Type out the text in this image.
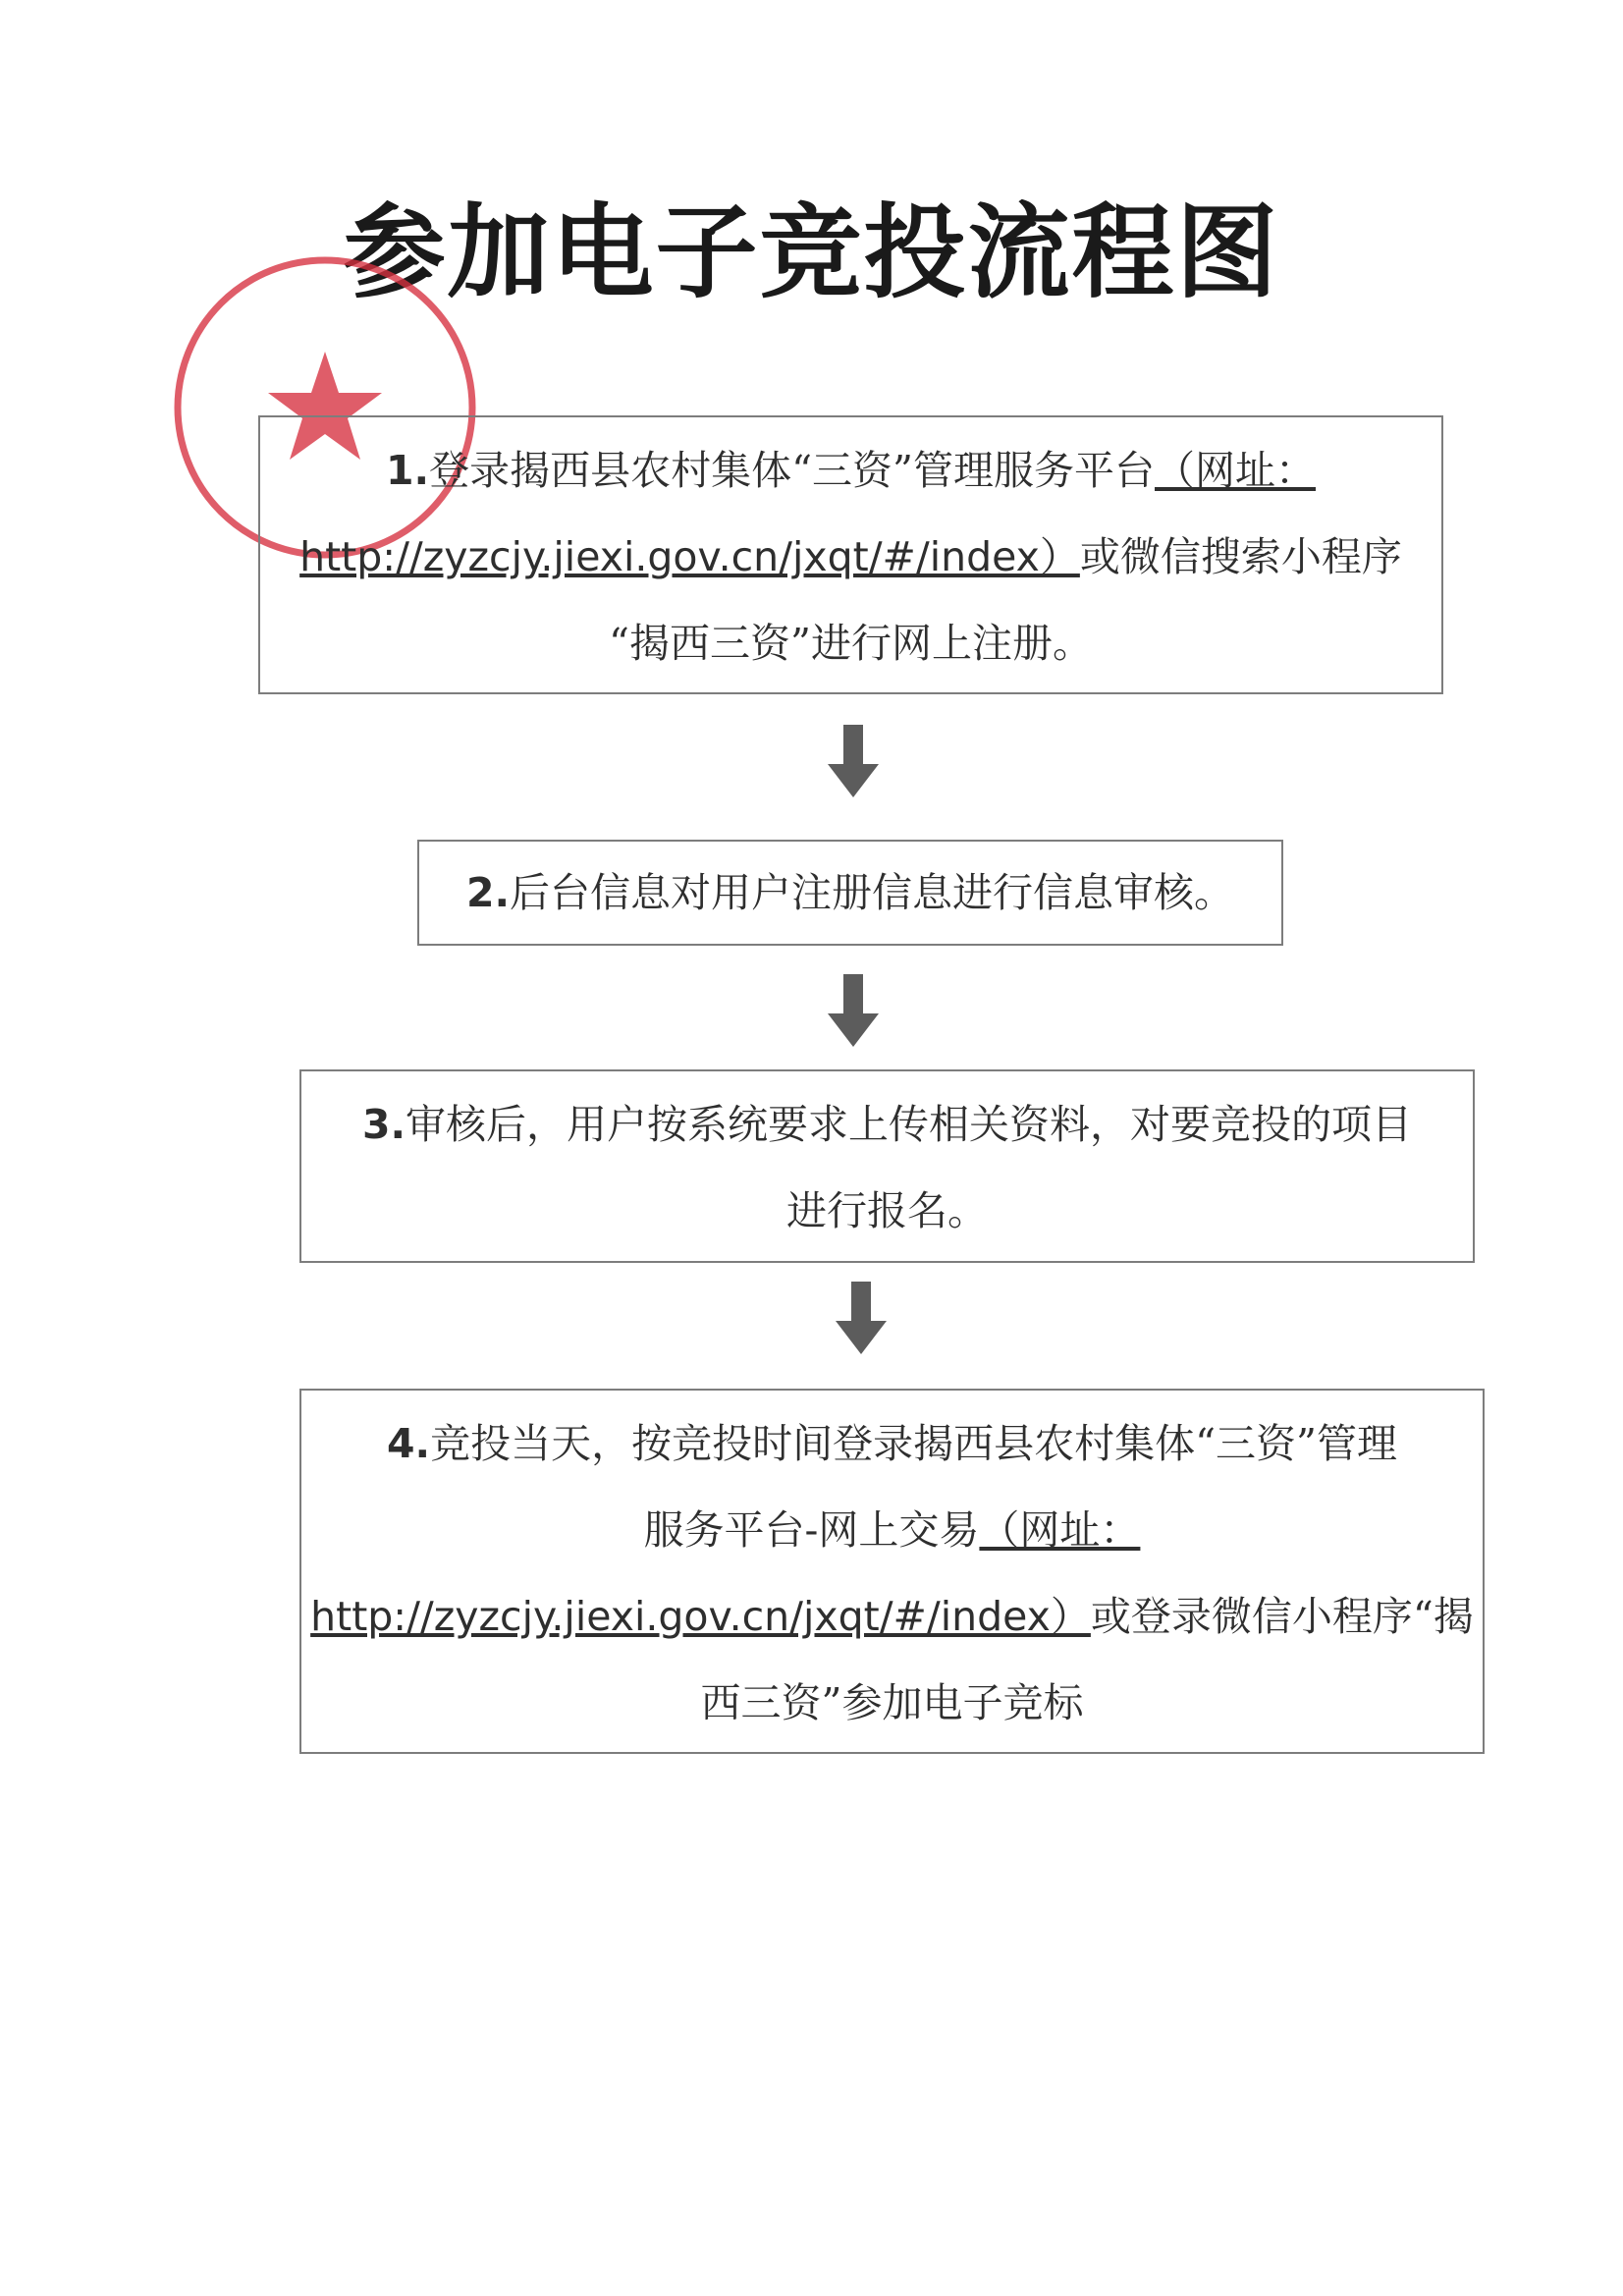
参加电子竞投流程图
1.登录揭西县农村集体“三资”管理服务平台（网址：
http://zyzcjy.jiexi.gov.cn/jxqt/#/index）或微信搜索小程序
“揭西三资”进行网上注册。
2.后台信息对用户注册信息进行信息审核。
3.审核后，用户按系统要求上传相关资料，对要竞投的项目
进行报名。
4.竞投当天，按竞投时间登录揭西县农村集体“三资”管理
服务平台-网上交易（网址：
http://zyzcjy.jiexi.gov.cn/jxqt/#/index）或登录微信小程序“揭
西三资”参加电子竞标
